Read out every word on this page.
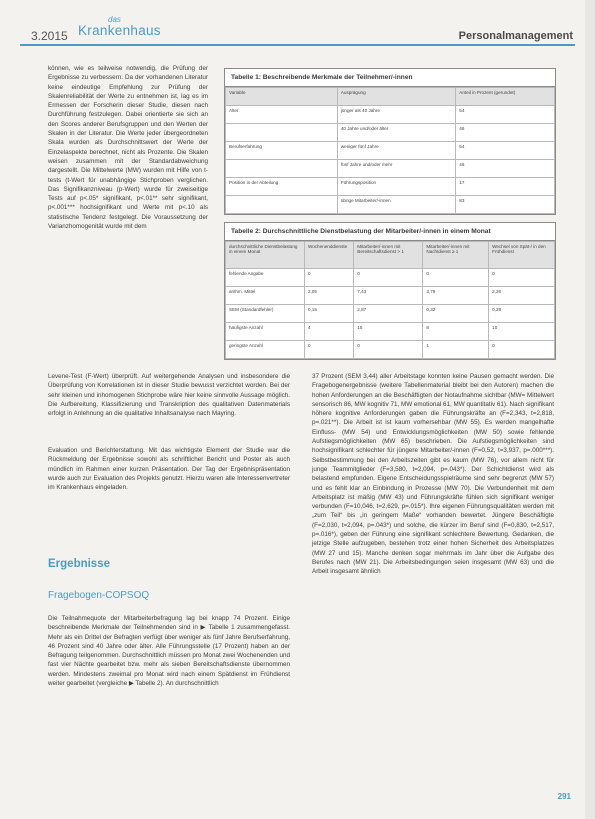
3.2015
das
Krankenhaus	Personalmanagement

können, wie es teilweise notwendig, die Prüfung der Ergebnisse zu verbessern. Da der vorhandenen Literatur keine eindeutige Empfehlung zur Prüfung der Skalenreliabilität der Werte zu entnehmen ist, lag es im Ermessen der Forscherin dieser Studie, diesen nach Durchführung festzulegen. Dabei orientierte sie sich an den Scores anderer Berufsgruppen und den Werten der Skalen in der Literatur. Die Werte jeder übergeordneten Skala wurden als Durchschnittswert der Werte der Einzelaspekte berechnet, nicht als Prozente. Die Skalen weisen zusammen mit der Standardabweichung dargestellt. Die Mittelwerte (MW) wurden mit Hilfe von t-tests (t-Wert für unabhängige Stichproben verglichen. Das Signifikanzniveau (p-Wert) wurde für zweiseitige Tests auf p<.05* signifikant, p<.01** sehr signifikant, p<.001*** hochsignifikant und Werte mit p<.10 als statistische Tendenz festgelegt. Die Voraussetzung der Varianzhomogenität wurde mit dem

Tabelle 1: Beschreibende Merkmale der Teilnehmer/-innen
Variable	Ausprägung	Anteil in Prozent (gerundet)
Alter	jünger als 40 Jahre	54
	40 Jahre und/oder älter	46
Berufserfahrung	weniger fünf Jahre	54
	fünf Jahre und/oder mehr	46
Position in der Abteilung	Führungsposition	17
	übrige Mitarbeiter/-innen	83
Tabelle 2: Durchschnittliche Dienstbelastung der Mitarbeiter/-innen in einem Monat
durchschnittliche Dienstbelastung in einem Monat	Wochenenddienste	Mitarbeiter/-innen mit Bereitschaftsdienst > 1	Mitarbeiter/-innen mit Nachtdienst ≥ 1	Wechsel von Spät-/ in den Frühdienst
fehlende Angabe	0	0	0	0
arithm. Mittel	2,05	7,43	3,79	2,26
SEM (Standardfehler)	0,15	2,87	0,32	0,28
häufigste Anzahl	4	15	8	10
geringste Anzahl	0	0	1	0

Levene-Test (F-Wert) überprüft. Auf weitergehende Analysen und insbesondere die Überprüfung von Korrelationen ist in dieser Studie bewusst verzichtet worden. Bei der sehr kleinen und inhomogenen Stichprobe wäre hier keine sinnvolle Aussage möglich. Die Aufbereitung, Klassifizierung und Transkription des qualitativen Datenmaterials erfolgt in Anlehnung an die qualitative Inhaltsanalyse nach Mayring.

Evaluation und Berichterstattung. Mit das wichtigste Element der Studie war die Rückmeldung der Ergebnisse sowohl als schriftlicher Bericht und Poster als auch mündlich im Rahmen einer kurzen Präsentation. Der Tag der Ergebnispräsentation wurde auch zur Evaluation des Projekts genutzt. Hierzu waren alle Interessenvertreter im Krankenhaus eingeladen.

Ergebnisse
Fragebogen-COPSOQ

Die Teilnahmequote der Mitarbeiterbefragung lag bei knapp 74 Prozent. Einige beschreibende Merkmale der Teilnehmenden sind in ▶ Tabelle 1 zusammengefasst. Mehr als ein Drittel der Befragten verfügt über weniger als fünf Jahre Berufserfahrung, 46 Prozent sind 40 Jahre oder älter. Alle Führungsstelle (17 Prozent) haben an der Befragung teilgenommen. Durchschnittlich müssen pro Monat zwei Wochenenden und fast vier Nächte gearbeitet bzw. mehr als sieben Bereitschaftsdienste übernommen werden. Mindestens zweimal pro Monat wird nach einem Spätdienst im Frühdienst weiter gearbeitet (vergleiche ▶ Tabelle 2). An durchschnittlich

37 Prozent (SEM 3,44) aller Arbeitstage konnten keine Pausen gemacht werden. Die Fragebogenergebnisse (weitere Tabellenmaterial bleibt bei den Autoren) machen die hohen Anforderungen an die Beschäftigten der Notaufnahme sichtbar (MW= Mittelwert sensorisch 86, MW kognitiv 71, MW emotional 61, MW quantitativ 61). Nach signifikant höhere kognitive Anforderungen gaben die Führungskräfte an (F=2,343, t=2,818, p=.021**). Die Arbeit ist ist kaum vorhersehbar (MW 55). Es werden mangelhafte Einfluss- (MW 54) und Entwicklungsmöglichkeiten (MW 50) sowie fehlende Aufstiegsmöglichkeiten (MW 65) beschrieben. Die Aufstiegsmöglichkeiten sind hochsignifikant schlechter für jüngere Mitarbeiter/-innen (F=0,52, t=3,937, p=.000***). Selbstbestimmung bei den Arbeitszeiten gibt es kaum (MW 76), vor allem nicht für junge Teammitglieder (F=3,580, t=2,094, p=.043*). Der Schichtdienst wird als belastend empfunden. Eigene Entscheidungsspielräume sind sehr begrenzt (MW 57) und es fehlt klar an Einbindung in Prozesse (MW 70). Die Verbundenheit mit dem Arbeitsplatz ist mäßig (MW 43) und Führungskräfte fühlen sich signifikant weniger verbunden (F=10,046, t=2,629, p=.015*). Ihre eigenen Führungsqualitäten werden mit „zum Teil“ bis „in geringem Maße“ vorhanden bewertet. Jüngere Beschäftigte (F=2,030, t=2,094, p=.043*) und solche, die kürzer im Beruf sind (F=0,830, t=2,517, p=.016*), geben der Führung eine signifikant schlechtere Bewertung. Gedanken, die jetzige Stelle aufzugeben, bestehen trotz einer hohen Sicherheit des Arbeitsplatzes (MW 27 und 15). Manche denken sogar mehrmals im Jahr über die Aufgabe des Berufes nach (MW 21). Die Arbeitsbedingungen seien insgesamt (MW 63) und die Arbeit insgesamt ähnlich

291
